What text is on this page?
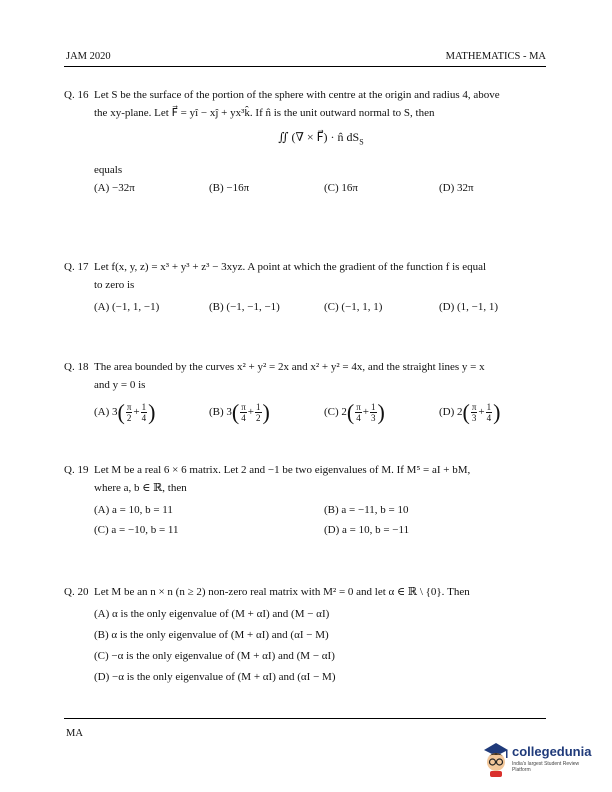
JAM 2020	MATHEMATICS - MA
Q. 16 Let S be the surface of the portion of the sphere with centre at the origin and radius 4, above
the xy-plane. Let F⃗ = yî − xĵ + yx³k̂. If n̂ is the unit outward normal to S, then
∬ (∇ × F⃗) · n̂ $dS_S$
equals
(A) −32π	(B) −16π	(C) 16π	(D) 32π
Q. 17 Let f(x, y, z) = x³ + y³ + z³ − 3xyz. A point at which the gradient of the function f is equal
to zero is
(A) (−1, 1, −1)	(B) (−1, −1, −1)	(C) (−1, 1, 1)	(D) (1, −1, 1)
Q. 18 The area bounded by the curves x² + y² = 2x and x² + y² = 4x, and the straight lines y = x
and y = 0 is
(A) $3( \frac{\pi}{2} + \frac{1}{4}$ )	(B) $3( \frac{\pi}{4} + \frac{1}{2}$ )	(C) $2( \frac{\pi}{4} + \frac{1}{3}$ )	(D) $2( \frac{\pi}{3} + \frac{1}{4}$ )
Q. 19 Let M be a real 6 × 6 matrix. Let 2 and −1 be two eigenvalues of M. If M⁵ = aI + bM,
where a, b ∈ ℝ, then
(A) a = 10, b = 11	(B) a = −11, b = 10
(C) a = −10, b = 11	(D) a = 10, b = −11
Q. 20 Let M be an n × n (n ≥ 2) non-zero real matrix with M² = 0 and let α ∈ ℝ \ {0}. Then
(A) α is the only eigenvalue of (M + αI) and (M − αI)
(B) α is the only eigenvalue of (M + αI) and (αI − M)
(C) −α is the only eigenvalue of (M + αI) and (M − αI)
(D) −α is the only eigenvalue of (M + αI) and (αI − M)
MA
collegedunia
India's largest Student Review Platform
